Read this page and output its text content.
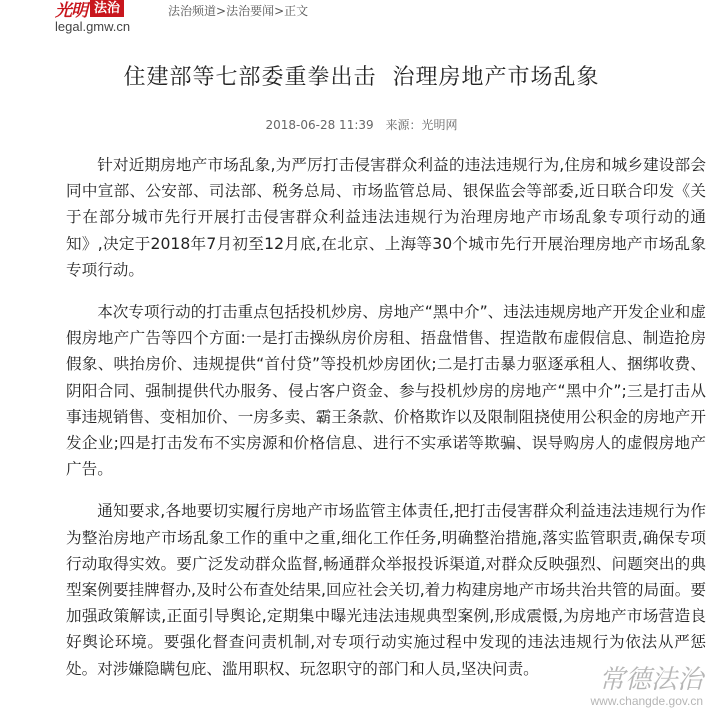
光明 法治	法治频道>法治要闻>正文
legal.gmw.cn
住建部等七部委重拳出击  治理房地产市场乱象
2018-06-28 11:39 来源：光明网

针对近期房地产市场乱象,为严厉打击侵害群众利益的违法违规行为,住房和城乡建设部会同中宣部、公安部、司法部、税务总局、市场监管总局、银保监会等部委,近日联合印发《关于在部分城市先行开展打击侵害群众利益违法违规行为治理房地产市场乱象专项行动的通知》,决定于2018年7月初至12月底,在北京、上海等30个城市先行开展治理房地产市场乱象专项行动。

本次专项行动的打击重点包括投机炒房、房地产“黑中介”、违法违规房地产开发企业和虚假房地产广告等四个方面:一是打击操纵房价房租、捂盘惜售、捏造散布虚假信息、制造抢房假象、哄抬房价、违规提供“首付贷”等投机炒房团伙;二是打击暴力驱逐承租人、捆绑收费、阴阳合同、强制提供代办服务、侵占客户资金、参与投机炒房的房地产“黑中介”;三是打击从事违规销售、变相加价、一房多卖、霸王条款、价格欺诈以及限制阻挠使用公积金的房地产开发企业;四是打击发布不实房源和价格信息、进行不实承诺等欺骗、误导购房人的虚假房地产广告。

通知要求,各地要切实履行房地产市场监管主体责任,把打击侵害群众利益违法违规行为作为整治房地产市场乱象工作的重中之重,细化工作任务,明确整治措施,落实监管职责,确保专项行动取得实效。要广泛发动群众监督,畅通群众举报投诉渠道,对群众反映强烈、问题突出的典型案例要挂牌督办,及时公布查处结果,回应社会关切,着力构建房地产市场共治共管的局面。要加强政策解读,正面引导舆论,定期集中曝光违法违规典型案例,形成震慑,为房地产市场营造良好舆论环境。要强化督查问责机制,对专项行动实施过程中发现的违法违规行为依法从严惩处。对涉嫌隐瞒包庇、滥用职权、玩忽职守的部门和人员,坚决问责。	常德法治
www.changde.gov.cn
